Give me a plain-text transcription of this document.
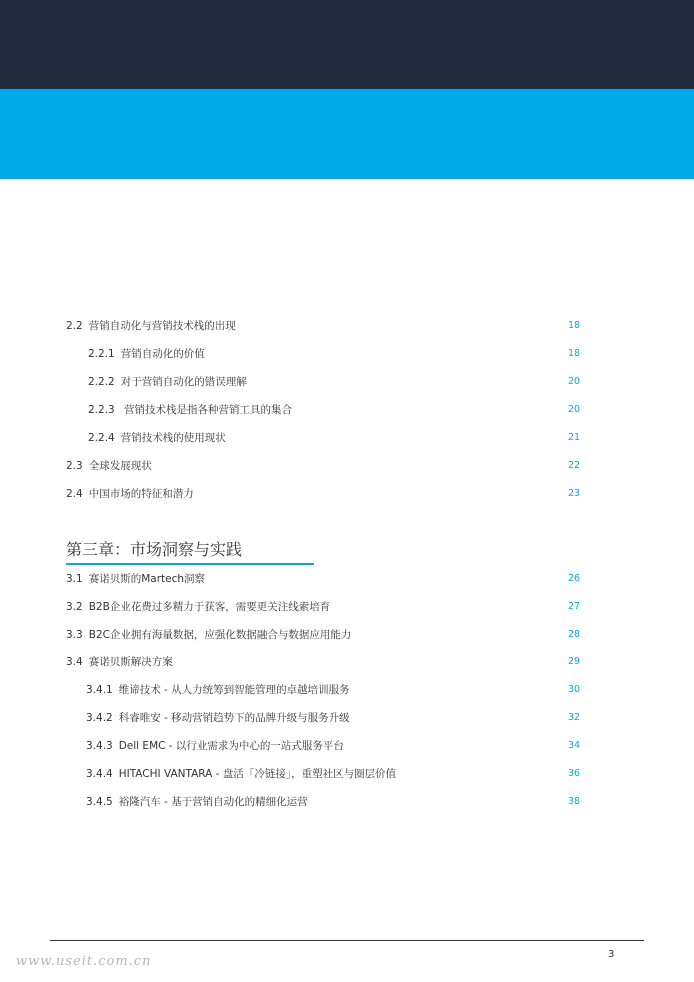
2.2 营销自动化与营销技术栈的出现	18
2.2.1 营销自动化的价值	18
2.2.2 对于营销自动化的错误理解	20
2.2.3 营销技术栈是指各种营销工具的集合	20
2.2.4 营销技术栈的使用现状	21
2.3 全球发展现状	22
2.4 中国市场的特征和潜力	23
第三章：市场洞察与实践
3.1 赛诺贝斯的Martech洞察	26
3.2 B2B企业花费过多精力于获客，需要更关注线索培育	27
3.3 B2C企业拥有海量数据，应强化数据融合与数据应用能力	28
3.4 赛诺贝斯解决方案	29
3.4.1 维谛技术 - 从人力统筹到智能管理的卓越培训服务	30
3.4.2 科睿唯安 - 移动营销趋势下的品牌升级与服务升级	32
3.4.3 Dell EMC - 以行业需求为中心的一站式服务平台	34
3.4.4 HITACHI VANTARA - 盘活「冷链接」，重塑社区与圈层价值	36
3.4.5 裕隆汽车 - 基于营销自动化的精细化运营	38
3
www.useit.com.cn
